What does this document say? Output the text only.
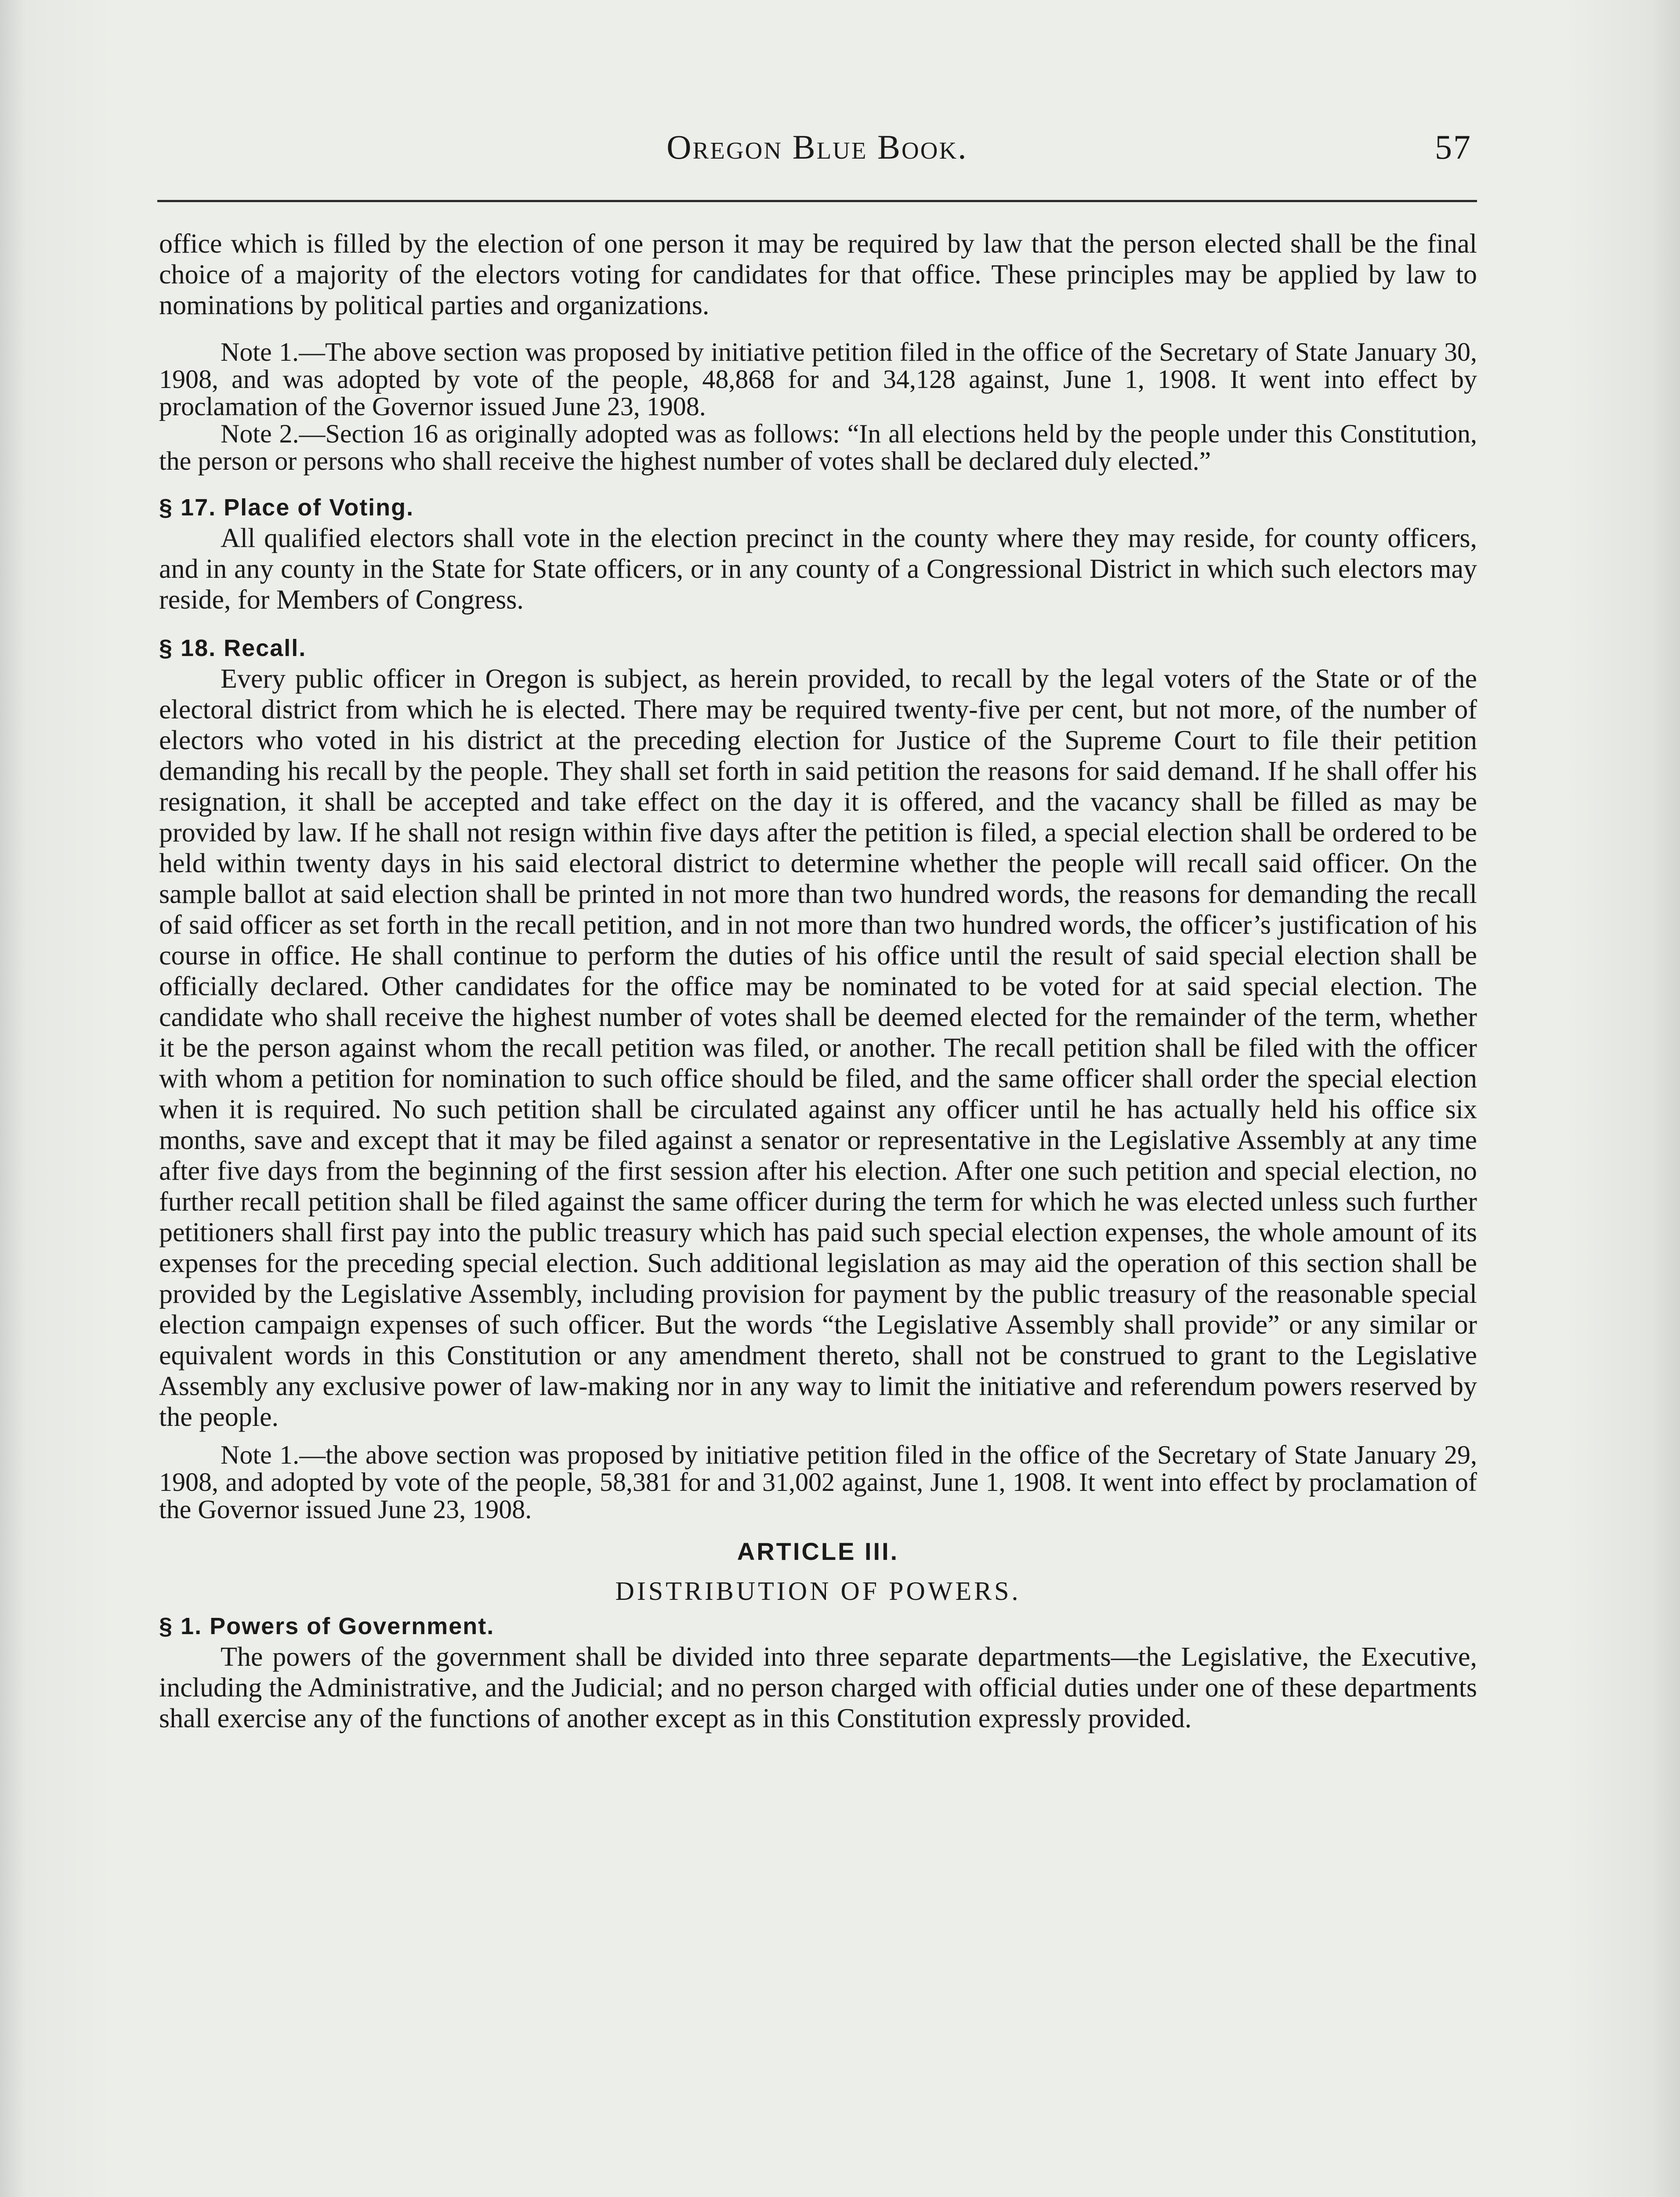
Oregon Blue Book.	57

office which is filled by the election of one person it may be required by law that the person elected shall be the final choice of a majority of the electors voting for candidates for that office. These principles may be applied by law to nominations by political parties and organizations.

Note 1.—The above section was proposed by initiative petition filed in the office of the Secretary of State January 30, 1908, and was adopted by vote of the people, 48,868 for and 34,128 against, June 1, 1908. It went into effect by proclamation of the Governor issued June 23, 1908.

Note 2.—Section 16 as originally adopted was as follows: “In all elections held by the people under this Constitution, the person or persons who shall receive the highest number of votes shall be declared duly elected.”

§ 17. Place of Voting.

All qualified electors shall vote in the election precinct in the county where they may reside, for county officers, and in any county in the State for State officers, or in any county of a Congressional District in which such electors may reside, for Members of Congress.

§ 18. Recall.

Every public officer in Oregon is subject, as herein provided, to recall by the legal voters of the State or of the electoral district from which he is elected. There may be required twenty-five per cent, but not more, of the number of electors who voted in his district at the preceding election for Justice of the Supreme Court to file their petition demanding his recall by the people. They shall set forth in said petition the reasons for said demand. If he shall offer his resignation, it shall be accepted and take effect on the day it is offered, and the vacancy shall be filled as may be provided by law. If he shall not resign within five days after the petition is filed, a special election shall be ordered to be held within twenty days in his said electoral district to determine whether the people will recall said officer. On the sample ballot at said election shall be printed in not more than two hundred words, the reasons for demanding the recall of said officer as set forth in the recall petition, and in not more than two hundred words, the officer’s justification of his course in office. He shall continue to perform the duties of his office until the result of said special election shall be officially declared. Other candidates for the office may be nominated to be voted for at said special election. The candidate who shall receive the highest number of votes shall be deemed elected for the remainder of the term, whether it be the person against whom the recall petition was filed, or another. The recall petition shall be filed with the officer with whom a petition for nomination to such office should be filed, and the same officer shall order the special election when it is required. No such petition shall be circulated against any officer until he has actually held his office six months, save and except that it may be filed against a senator or representative in the Legislative Assembly at any time after five days from the beginning of the first session after his election. After one such petition and special election, no further recall petition shall be filed against the same officer during the term for which he was elected unless such further petitioners shall first pay into the public treasury which has paid such special election expenses, the whole amount of its expenses for the preceding special election. Such additional legislation as may aid the operation of this section shall be provided by the Legislative Assembly, including provision for payment by the public treasury of the reasonable special election campaign expenses of such officer. But the words “the Legislative Assembly shall provide” or any similar or equivalent words in this Constitution or any amendment thereto, shall not be construed to grant to the Legislative Assembly any exclusive power of law-making nor in any way to limit the initiative and referendum powers reserved by the people.

Note 1.—the above section was proposed by initiative petition filed in the office of the Secretary of State January 29, 1908, and adopted by vote of the people, 58,381 for and 31,002 against, June 1, 1908. It went into effect by proclamation of the Governor issued June 23, 1908.

ARTICLE III.
DISTRIBUTION OF POWERS.

§ 1. Powers of Government.

The powers of the government shall be divided into three separate departments—the Legislative, the Executive, including the Administrative, and the Judicial; and no person charged with official duties under one of these departments shall exercise any of the functions of another except as in this Constitution expressly provided.
